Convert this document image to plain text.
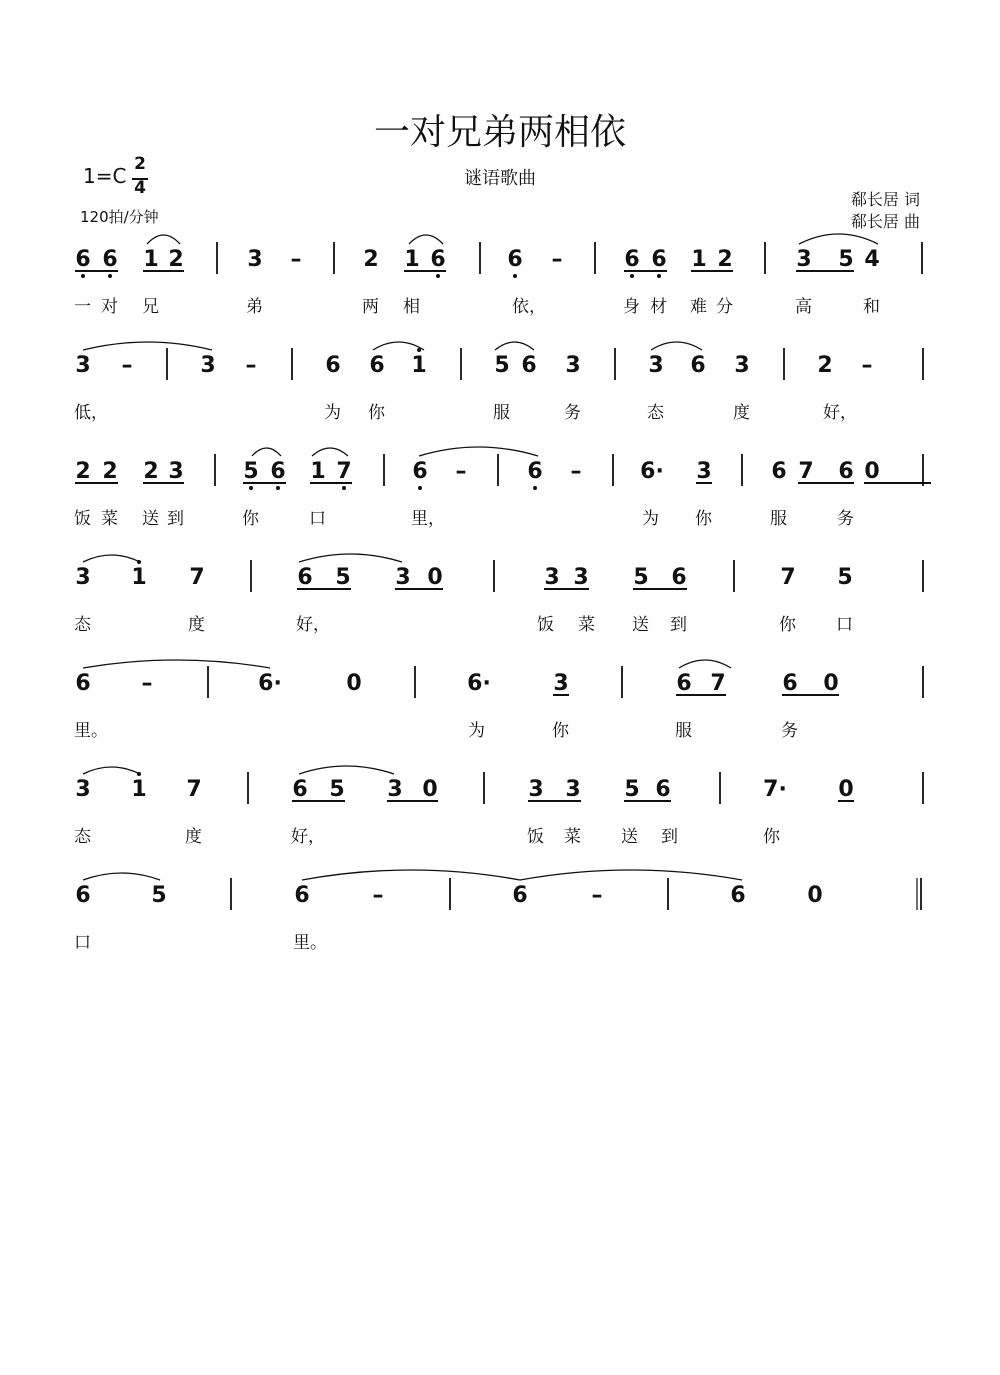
一对兄弟两相依
谜语歌曲
1=C 2
4
120拍/分钟
郗长居 词
郗长居 曲
6 6 1 2	3 –	2 1 6	6 –	6 6 1 2	3 5 4
一 对 兄	弟	两 相	依，	身 材 难 分	高	和
3 –	3 –	6 6 1	5 6 3	3 6 3	2 –
低，	为 你	服	务	态	度	好，
2 2 2 3	5 6 1 7	6 –	6 –	6· 3	6 7 6 0
饭 菜 送 到	你	口	里，	为 你	服	务
3 1 7	6 5 3 0	3 3 5 6	7 5
态	度	好，	饭 菜 送 到	你 口
6 –	6·	0	6·	3	6 7	6 0
里。	为	你	服	务
3 1 7	6 5 3 0	3 3 5 6	7· 0
态	度	好，	饭 菜 送 到	你
6	5	6	–	6	–	6	0
口	里。
